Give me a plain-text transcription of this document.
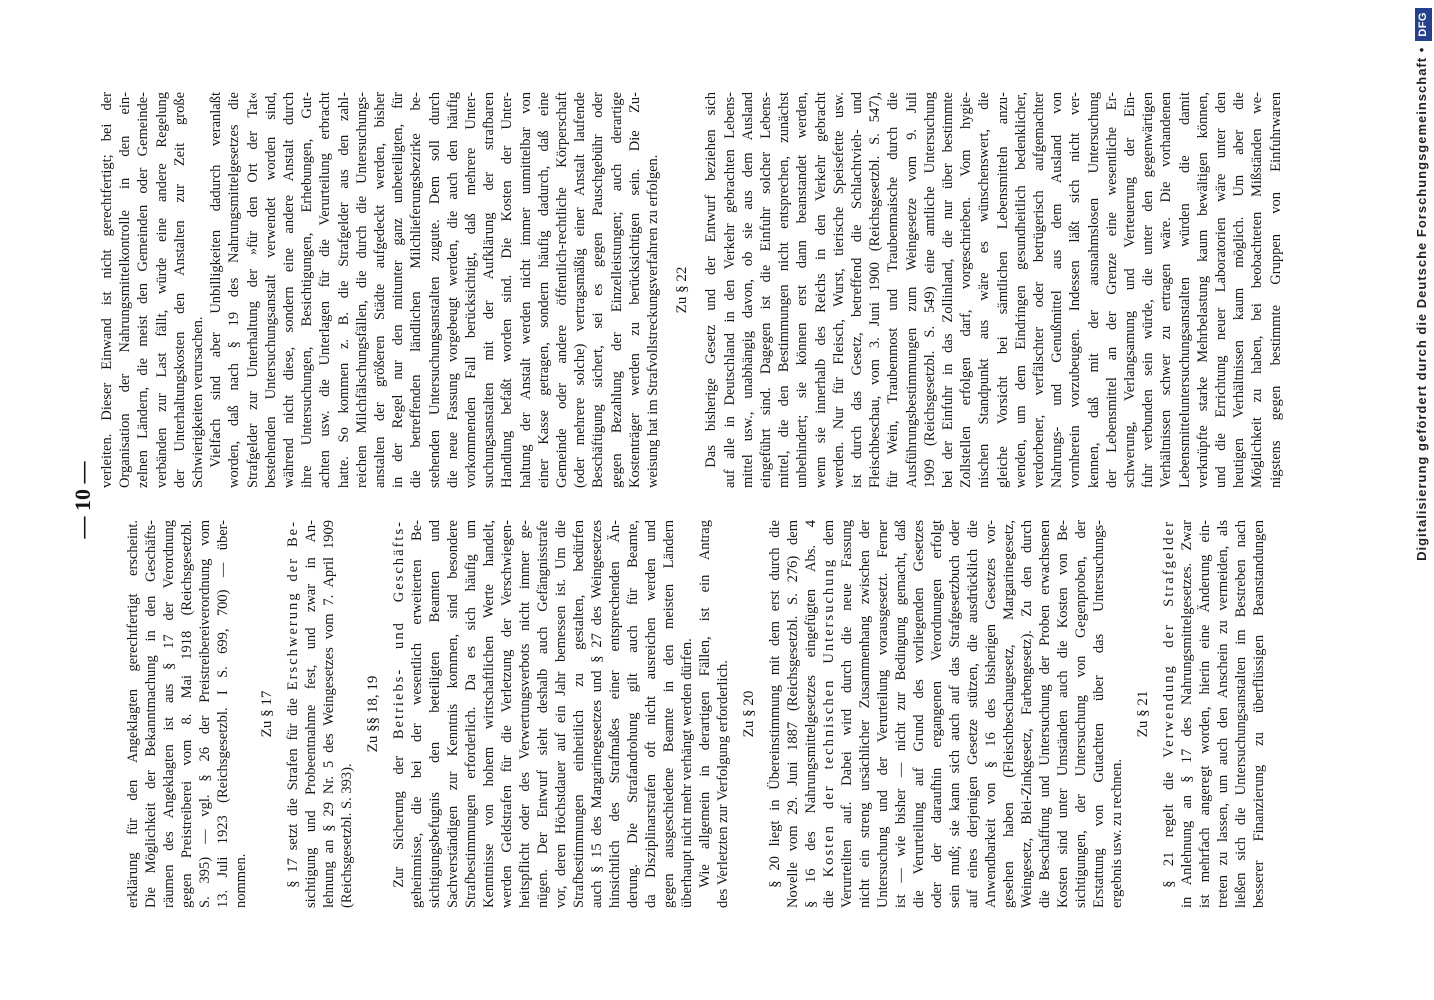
— 10 —
erklärung für den Angeklagten gerechtfertigt erscheint. Die Möglichkeit der Bekanntmachung in den Geschäfts- räumen des Angeklagten ist aus § 17 der Verordnung gegen Preistreiberei vom 8. Mai 1918 (Reichsgesetzbl. S. 395) — vgl. § 26 der Preistreibereiverordnung vom 13. Juli 1923 (Reichsgesetzbl. I S. 699, 700) — über- nommen.
Zu § 17 § 17 setzt die Strafen für die Erschwerung der Be- sichtigung und Probeentnahme fest, und zwar in An- lehnung an § 29 Nr. 5 des Weingesetzes vom 7. April 1909 (Reichsgesetzbl. S. 393).
Zu §§ 18, 19
Zur Sicherung der Betriebs- und Geschäfts- geheimnisse, die bei der wesentlich erweiterten Be- sichtigungsbefugnis den beteiligten Beamten und Sachverständigen zur Kenntnis kommen, sind besondere Strafbestimmungen erforderlich. Da es sich häufig um Kenntnisse von hohem wirtschaftlichen Werte handelt, werden Geldstrafen für die Verletzung der Verschwiegen- heitspflicht oder des Verwertungsverbots nicht immer ge- nügen. Der Entwurf sieht deshalb auch Gefängnisstrafe vor, deren Höchstdauer auf ein Jahr bemessen ist. Um die Strafbestimmungen einheitlich zu gestalten, bedürfen auch § 15 des Margarinegesetzes und § 27 des Weingesetzes hinsichtlich des Strafmaßes einer entsprechenden Än- derung. Die Strafandrohung gilt auch für Beamte, da Disziplinarstrafen oft nicht ausreichen werden und gegen ausgeschiedene Beamte in den meisten Ländern überhaupt nicht mehr verhängt werden dürfen. Wie allgemein in derartigen Fällen, ist ein Antrag des Verletzten zur Verfolgung erforderlich. Zu § 20 § 20 liegt in Übereinstimmung mit dem erst durch die Novelle vom 29. Juni 1887 (Reichsgesetzbl. S. 276) dem § 16 des Nahrungsmittelgesetzes eingefügten Abs. 4 die Kosten der technischen Untersuchung dem Verurteilten auf. Dabei wird durch die neue Fassung nicht ein streng ursächlicher Zusammenhang zwischen der Untersuchung und der Verurteilung vorausgesetzt. Ferner ist — wie bisher — nicht zur Bedingung gemacht, daß die Verurteilung auf Grund des vorliegenden Gesetzes oder der daraufhin ergangenen Verordnungen erfolgt sein muß; sie kann sich auch auf das Strafgesetzbuch oder auf eines derjenigen Gesetze stützen, die ausdrücklich die Anwendbarkeit von § 16 des bisherigen Gesetzes vor- gesehen haben (Fleischbeschaugesetz, Margarinegesetz, Weingesetz, Blei-Zinkgesetz, Farbengesetz). Zu den durch die Beschaffung und Untersuchung der Proben erwachsenen Kosten sind unter Umständen auch die Kosten von Be- sichtigungen, der Untersuchung von Gegenproben, der Erstattung von Gutachten über das Untersuchungs- ergebnis usw. zu rechnen.
Zu § 21
§ 21 regelt die Verwendung der Strafgelder in Anlehnung an § 17 des Nahrungsmittelgesetzes. Zwar ist mehrfach angeregt worden, hierin eine Änderung ein- treten zu lassen, um auch den Anschein zu vermeiden, als ließen sich die Untersuchungsanstalten im Bestreben nach besserer Finanzierung zu überflüssigen Beanstandungen
verleiten. Dieser Einwand ist nicht gerechtfertigt; bei der Organisation der Nahrungsmittelkontrolle in den ein- zelnen Ländern, die meist den Gemeinden oder Gemeinde- verbänden zur Last fällt, würde eine andere Regelung der Unterhaltungskosten den Anstalten zur Zeit große Schwierigkeiten verursachen. Vielfach sind aber Unbilligkeiten dadurch veranlaßt worden, daß nach § 19 des Nahrungsmittelgesetzes die Strafgelder zur Unterhaltung der »für den Ort der Tat« bestehenden Untersuchungsanstalt verwendet worden sind, während nicht diese, sondern eine andere Anstalt durch ihre Untersuchungen, Besichtigungen, Erhebungen, Gut- achten usw. die Unterlagen für die Verurteilung erbracht hatte. So kommen z. B. die Strafgelder aus den zahl- reichen Milchfälschungsfällen, die durch die Untersuchungs- anstalten der größeren Städte aufgedeckt werden, bisher in der Regel nur den mitunter ganz unbeteiligten, für die betreffenden ländlichen Milchlieferungsbezirke be- stehenden Untersuchungsanstalten zugute. Dem soll durch die neue Fassung vorgebeugt werden, die auch den häufig vorkommenden Fall berücksichtigt, daß mehrere Unter- suchungsanstalten mit der Aufklärung der strafbaren Handlung befaßt worden sind. Die Kosten der Unter- haltung der Anstalt werden nicht immer unmittelbar von einer Kasse getragen, sondern häufig dadurch, daß eine Gemeinde oder andere öffentlich-rechtliche Körperschaft (oder mehrere solche) vertragsmäßig einer Anstalt laufende Beschäftigung sichert, sei es gegen Pauschgebühr oder gegen Bezahlung der Einzelleistungen; auch derartige Kostenträger werden zu berücksichtigen sein. Die Zu- weisung hat im Strafvollstreckungsverfahren zu erfolgen. Zu § 22 Das bisherige Gesetz und der Entwurf beziehen sich auf alle in Deutschland in den Verkehr gebrachten Lebens- mittel usw., unabhängig davon, ob sie aus dem Ausland eingeführt sind. Dagegen ist die Einfuhr solcher Lebens- mittel, die den Bestimmungen nicht entsprechen, zunächst unbehindert; sie können erst dann beanstandet werden, wenn sie innerhalb des Reichs in den Verkehr gebracht werden. Nur für Fleisch, Wurst, tierische Speisefette usw. ist durch das Gesetz, betreffend die Schlachtvieh- und Fleischbeschau, vom 3. Juni 1900 (Reichsgesetzbl. S. 547), für Wein, Traubenmost und Traubenmaische durch die Ausführungsbestimmungen zum Weingesetze vom 9. Juli 1909 (Reichsgesetzbl. S. 549) eine amtliche Untersuchung bei der Einfuhr in das Zollinland, die nur über bestimmte Zollstellen erfolgen darf, vorgeschrieben. Vom hygie- nischen Standpunkt aus wäre es wünschenswert, die gleiche Vorsicht bei sämtlichen Lebensmitteln anzu- wenden, um dem Eindringen gesundheitlich bedenklicher, verdorbener, verfälschter oder betrügerisch aufgemachter Nahrungs- und Genußmittel aus dem Ausland von vornherein vorzubeugen. Indessen läßt sich nicht ver- kennen, daß mit der ausnahmslosen Untersuchung der Lebensmittel an der Grenze eine wesentliche Er- schwerung, Verlangsamung und Verteuerung der Ein- fuhr verbunden sein würde, die unter den gegenwärtigen Verhältnissen schwer zu ertragen wäre. Die vorhandenen Lebensmitteluntersuchungsanstalten würden die damit verknüpfte starke Mehrbelastung kaum bewältigen können, und die Errichtung neuer Laboratorien wäre unter den heutigen Verhältnissen kaum möglich. Um aber die Möglichkeit zu haben, bei beobachteten Mißständen we- nigstens gegen bestimmte Gruppen von Einfuhrwaren	Digitalisierung gefördert durch die Deutsche Forschungsgemeinschaft •DFG
